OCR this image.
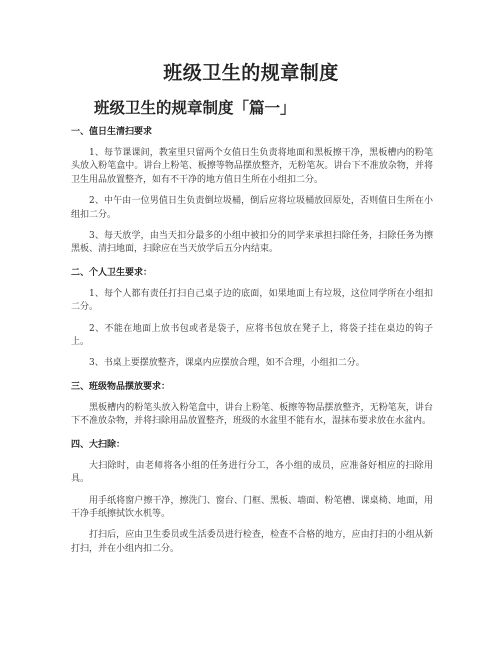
班级卫生的规章制度
班级卫生的规章制度「篇一」
一、值日生清扫要求

1、每节课课间，教室里只留两个女值日生负责将地面和黑板擦干净，黑板槽内的粉笔头放入粉笔盒中。讲台上粉笔、板擦等物品摆放整齐，无粉笔灰。讲台下不准放杂物，并将卫生用品放置整齐，如有不干净的地方值日生所在小组扣二分。

2、中午由一位男值日生负责倒垃圾桶，倒后应将垃圾桶放回原处，否则值日生所在小组扣二分。

3、每天放学，由当天扣分最多的小组中被扣分的同学来承担扫除任务，扫除任务为擦黑板、清扫地面，扫除应在当天放学后五分内结束。

二、个人卫生要求：

1、每个人都有责任打扫自己桌子边的底面，如果地面上有垃圾，这位同学所在小组扣二分。

2、不能在地面上放书包或者是袋子，应将书包放在凳子上，将袋子挂在桌边的钩子上。

3、书桌上要摆放整齐，课桌内应摆放合理，如不合理，小组扣二分。

三、班级物品摆放要求：

黑板槽内的粉笔头放入粉笔盒中，讲台上粉笔、板擦等物品摆放整齐，无粉笔灰，讲台下不准放杂物，并将扫除用品放置整齐，班级的水盆里不能有水，湿抹布要求放在水盆内。

四、大扫除：

大扫除时，由老师将各小组的任务进行分工，各小组的成员，应准备好相应的扫除用具。

用手纸将窗户擦干净，擦洗门、窗台、门框、黑板、墙面、粉笔槽、课桌椅、地面，用干净手纸擦拭饮水机等。

打扫后，应由卫生委员或生活委员进行检查，检查不合格的地方，应由打扫的小组从新打扫，并在小组内扣二分。
